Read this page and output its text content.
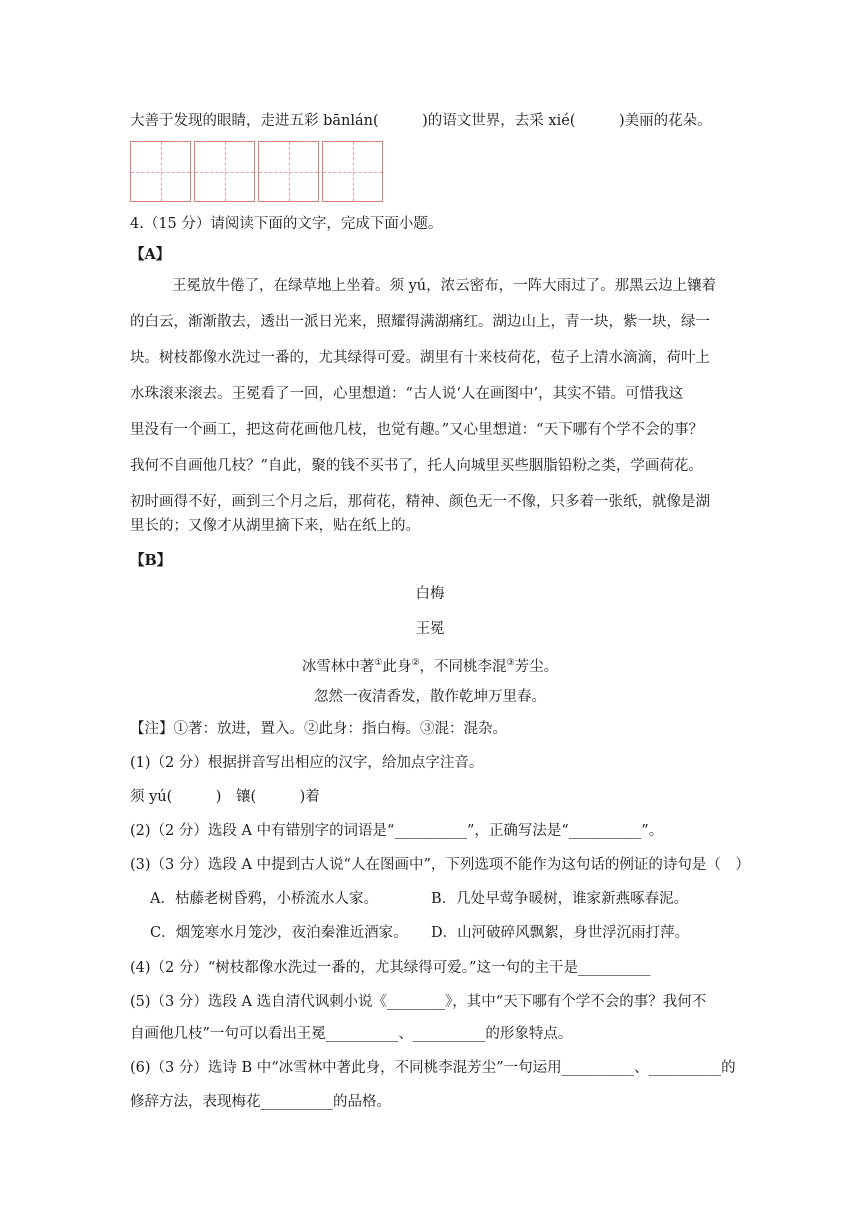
大善于发现的眼睛，走进五彩 bānlán(　　　)的语文世界，去采 xié(　　　)美丽的花朵。
4.（15 分）请阅读下面的文字，完成下面小题。
【A】
王冕放牛倦了，在绿草地上坐着。须 yú，浓云密布，一阵大雨过了。那黑云边上镶着
的白云，渐渐散去，透出一派日光来，照耀得满湖痛红。湖边山上，青一块，紫一块，绿一
块。树枝都像水洗过一番的，尤其绿得可爱。湖里有十来枝荷花，苞子上清水滴滴，荷叶上
水珠滚来滚去。王冕看了一回，心里想道：“古人说‘人在画图中’，其实不错。可惜我这
里没有一个画工，把这荷花画他几枝，也觉有趣。”又心里想道：“天下哪有个学不会的事？
我何不自画他几枝？”自此，聚的钱不买书了，托人向城里买些胭脂铅粉之类，学画荷花。
初时画得不好，画到三个月之后，那荷花，精神、颜色无一不像，只多着一张纸，就像是湖
里长的；又像才从湖里摘下来，贴在纸上的。
【B】
白梅
王冕
冰雪林中著①此身②，不同桃李混③芳尘。
忽然一夜清香发，散作乾坤万里春。
【注】①著：放进，置入。②此身：指白梅。③混：混杂。
(1)（2 分）根据拼音写出相应的汉字，给加点字注音。
须 yú(　　　)　镶(　　　)着
(2)（2 分）选段 A 中有错别字的词语是“__________”，正确写法是“__________”。
(3)（3 分）选段 A 中提到古人说“人在图画中”，下列选项不能作为这句话的例证的诗句是（　）
A．枯藤老树昏鸦，小桥流水人家。	B．几处早莺争暖树，谁家新燕啄春泥。
C．烟笼寒水月笼沙，夜泊秦淮近酒家。 D．山河破碎风飘絮，身世浮沉雨打萍。
(4)（2 分）“树枝都像水洗过一番的，尤其绿得可爱。”这一句的主干是__________
(5)（3 分）选段 A 选自清代讽刺小说《________》，其中“天下哪有个学不会的事？我何不
自画他几枝”一句可以看出王冕__________、__________的形象特点。
(6)（3 分）选诗 B 中“冰雪林中著此身，不同桃李混芳尘”一句运用__________、__________的
修辞方法，表现梅花__________的品格。
